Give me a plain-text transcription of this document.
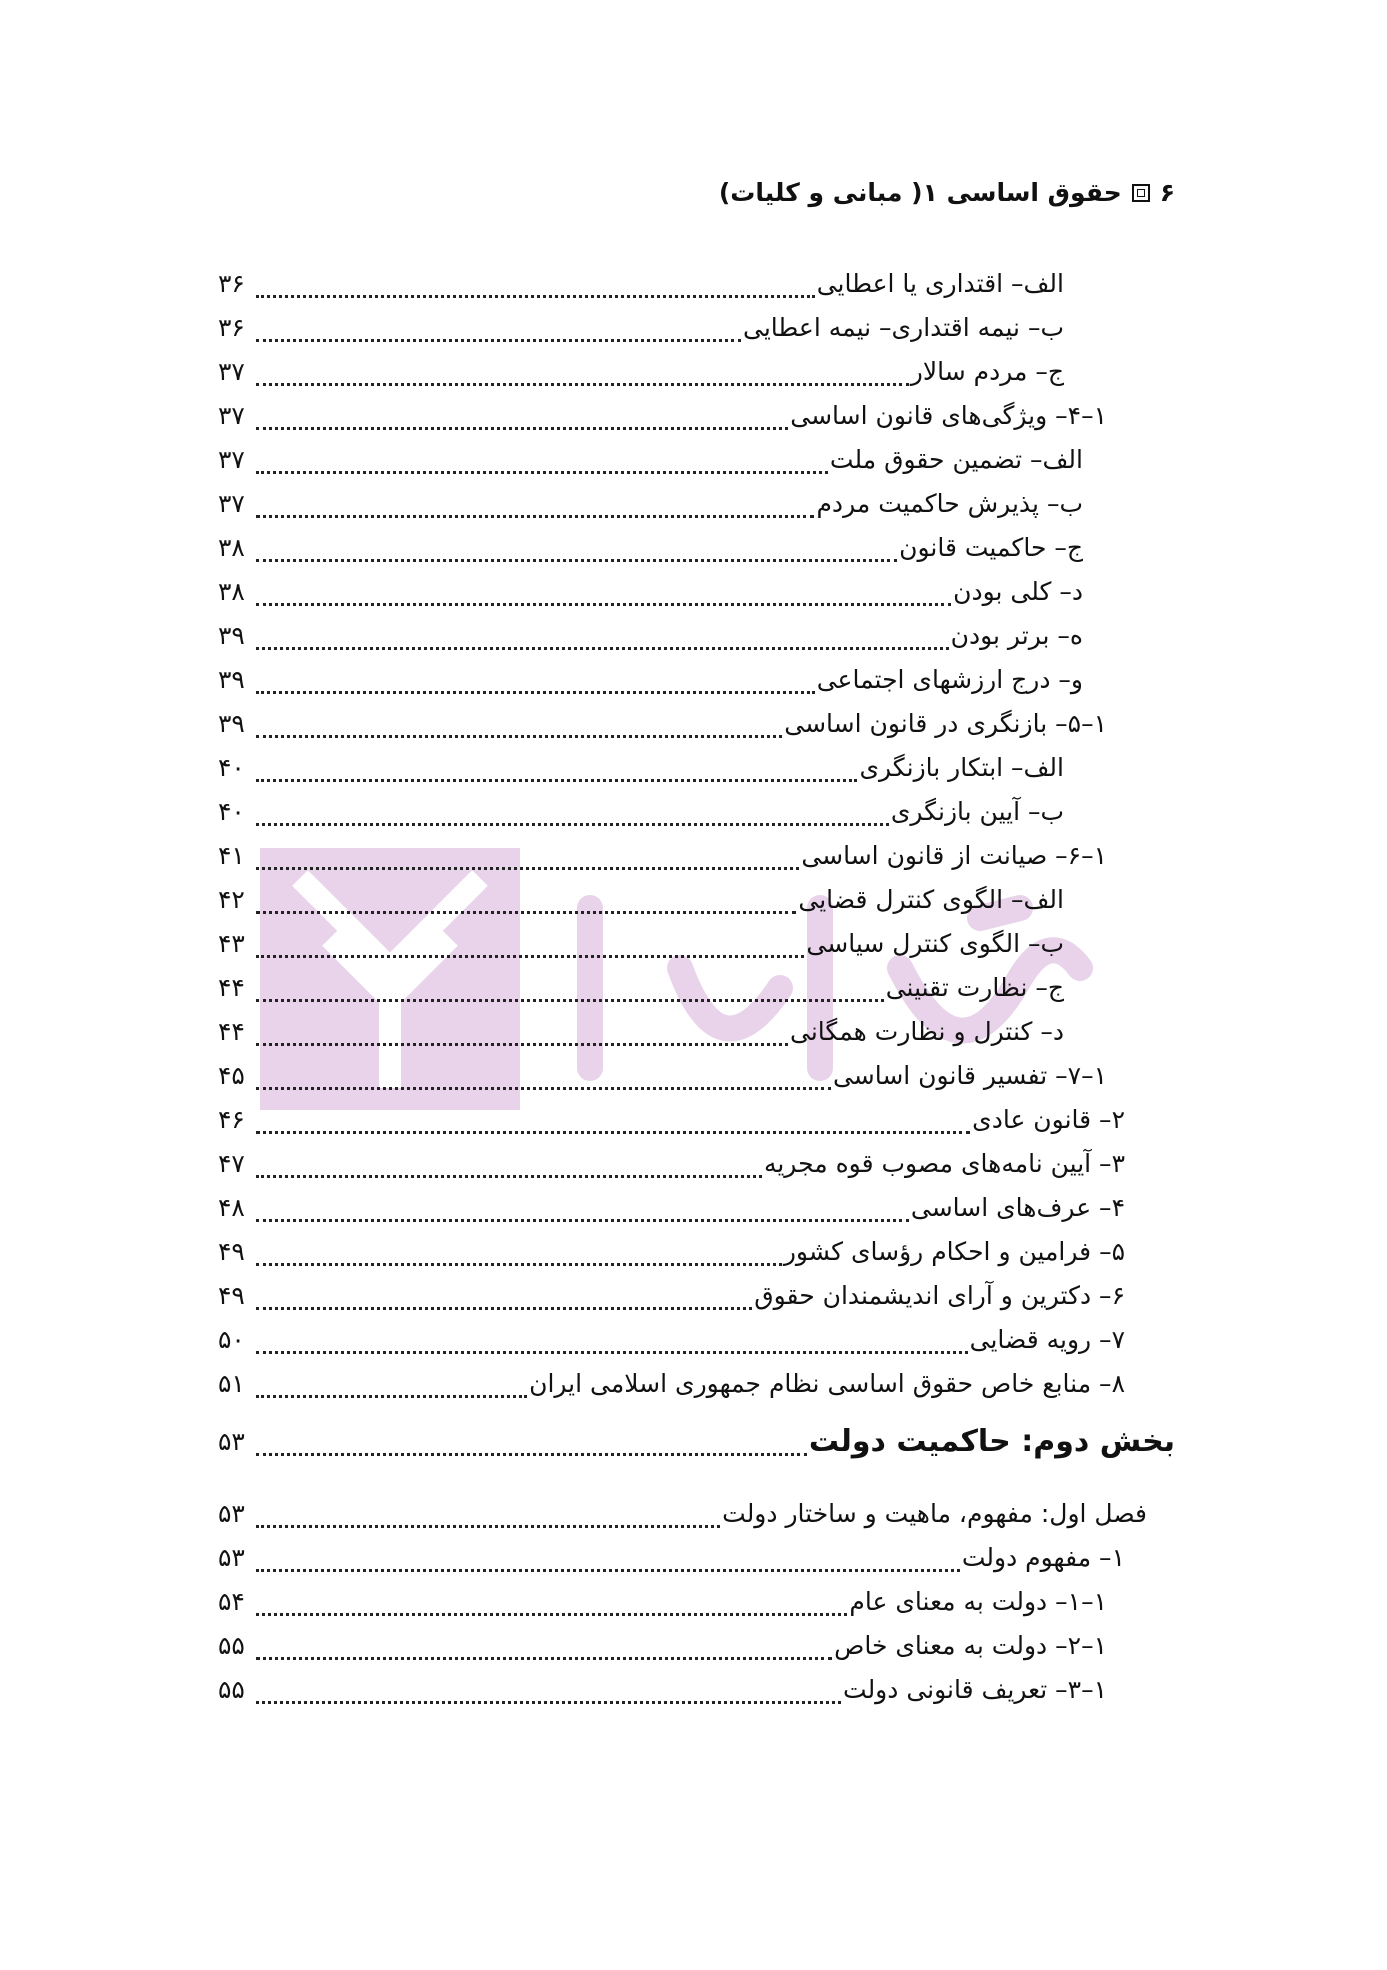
۶
حقوق اساسی ۱( مبانی و کلیات)
الف– اقتداری یا اعطایی
۳۶
ب– نیمه اقتداری– نیمه اعطایی
۳۶
ج– مردم سالار
۳۷
۱–۴– ویژگی‌های قانون اساسی
۳۷
الف– تضمین حقوق ملت
۳۷
ب– پذیرش حاکمیت مردم
۳۷
ج– حاکمیت قانون
۳۸
د– کلی بودن
۳۸
ه– برتر بودن
۳۹
و– درج ارزشهای اجتماعی
۳۹
۱–۵– بازنگری در قانون اساسی
۳۹
الف– ابتکار بازنگری
۴۰
ب– آیین بازنگری
۴۰
۱–۶– صیانت از قانون اساسی
۴۱
الف– الگوی کنترل قضایی
۴۲
ب– الگوی کنترل سیاسی
۴۳
ج– نظارت تقنینی
۴۴
د– کنترل و نظارت همگانی
۴۴
۱–۷– تفسیر قانون اساسی
۴۵
۲– قانون عادی
۴۶
۳– آیین نامه‌های مصوب قوه مجریه
۴۷
۴– عرف‌های اساسی
۴۸
۵– فرامین و احکام رؤسای کشور
۴۹
۶– دکترین و آرای اندیشمندان حقوق
۴۹
۷– رویه قضایی
۵۰
۸– منابع خاص حقوق اساسی نظام جمهوری اسلامی ایران
۵۱
بخش دوم: حاکمیت دولت
۵۳
فصل اول: مفهوم، ماهیت و ساختار دولت
۵۳
۱– مفهوم دولت
۵۳
۱–۱– دولت به معنای عام
۵۴
۱–۲– دولت به معنای خاص
۵۵
۱–۳– تعریف قانونی دولت
۵۵
